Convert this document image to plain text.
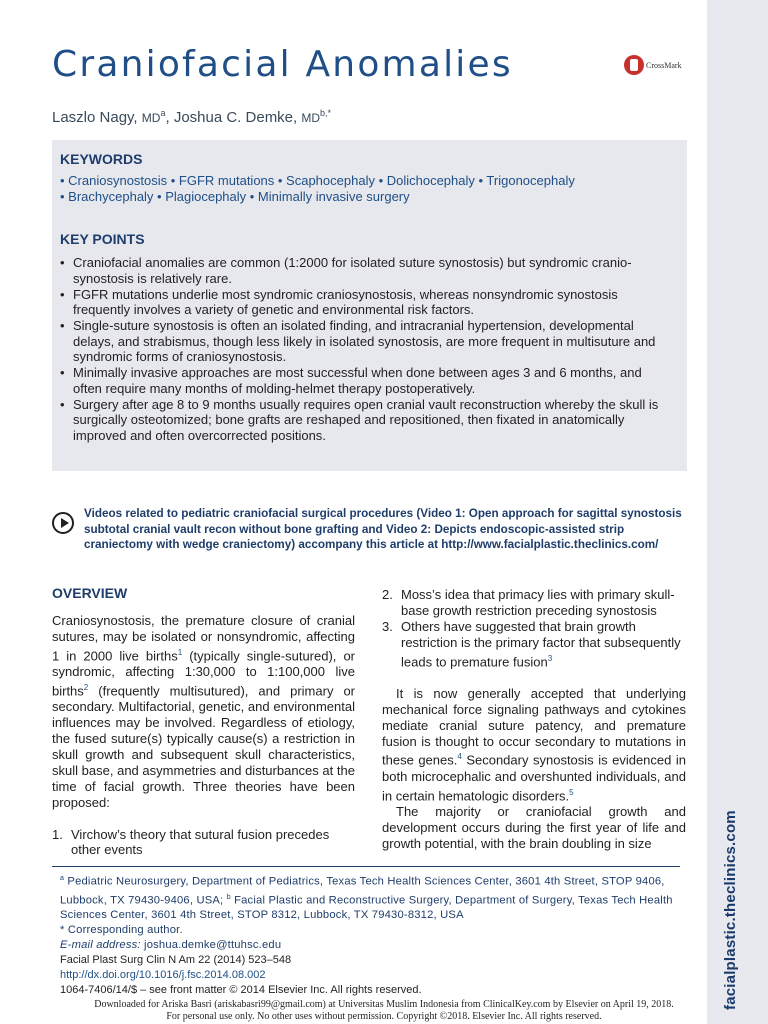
facialplastic.theclinics.com
Craniofacial Anomalies	CrossMark
Laszlo Nagy, $MD^a$, Joshua C. Demke, $MD^{b,*}$
KEYWORDS
• Craniosynostosis • FGFR mutations • Scaphocephaly • Dolichocephaly • Trigonocephaly
• Brachycephaly • Plagiocephaly • Minimally invasive surgery
KEY POINTS
• Craniofacial anomalies are common (1:2000 for isolated suture synostosis) but syndromic cranio-synostosis is relatively rare.
• FGFR mutations underlie most syndromic craniosynostosis, whereas nonsyndromic synostosis frequently involves a variety of genetic and environmental risk factors.
• Single-suture synostosis is often an isolated finding, and intracranial hypertension, developmental delays, and strabismus, though less likely in isolated synostosis, are more frequent in multisuture and syndromic forms of craniosynostosis.
• Minimally invasive approaches are most successful when done between ages 3 and 6 months, and often require many months of molding-helmet therapy postoperatively.
• Surgery after age 8 to 9 months usually requires open cranial vault reconstruction whereby the skull is surgically osteotomized; bone grafts are reshaped and repositioned, then fixated in anatomically improved and often overcorrected positions.
Videos related to pediatric craniofacial surgical procedures (Video 1: Open approach for sagittal synostosis subtotal cranial vault recon without bone grafting and Video 2: Depicts endoscopic-assisted strip craniectomy with wedge craniectomy) accompany this article at http://www.facialplastic.theclinics.com/
OVERVIEW

Craniosynostosis, the premature closure of cranial sutures, may be isolated or nonsyndromic, affecting 1 in 2000 live births$^1$ (typically single-sutured), or syndromic, affecting 1:30,000 to 1:100,000 live births$^2$ (frequently multisutured), and primary or secondary. Multifactorial, genetic, and environmental influences may be involved. Regardless of etiology, the fused suture(s) typically cause(s) a restriction in skull growth and subsequent skull characteristics, skull base, and asymmetries and disturbances at the time of facial growth. Three theories have been proposed:

1. Virchow’s theory that sutural fusion precedes other events
2. Moss’s idea that primacy lies with primary skull-base growth restriction preceding synostosis
3. Others have suggested that brain growth restriction is the primary factor that subsequently leads to premature fusion$^3$

It is now generally accepted that underlying mechanical force signaling pathways and cytokines mediate cranial suture patency, and premature fusion is thought to occur secondary to mutations in these genes.$^4$ Secondary synostosis is evidenced in both microcephalic and overshunted individuals, and in certain hematologic disorders.$^5$

The majority or craniofacial growth and development occurs during the first year of life and growth potential, with the brain doubling in size

$^a$ Pediatric Neurosurgery, Department of Pediatrics, Texas Tech Health Sciences Center, 3601 4th Street, STOP 9406, Lubbock, TX 79430-9406, USA; $^b$ Facial Plastic and Reconstructive Surgery, Department of Surgery, Texas Tech Health Sciences Center, 3601 4th Street, STOP 8312, Lubbock, TX 79430-8312, USA
* Corresponding author.
E-mail address: joshua.demke@ttuhsc.edu
Facial Plast Surg Clin N Am 22 (2014) 523–548
http://dx.doi.org/10.1016/j.fsc.2014.08.002
1064-7406/14/$ – see front matter © 2014 Elsevier Inc. All rights reserved.
Downloaded for Ariska Basri (ariskabasri99@gmail.com) at Universitas Muslim Indonesia from ClinicalKey.com by Elsevier on April 19, 2018.
For personal use only. No other uses without permission. Copyright ©2018. Elsevier Inc. All rights reserved.
